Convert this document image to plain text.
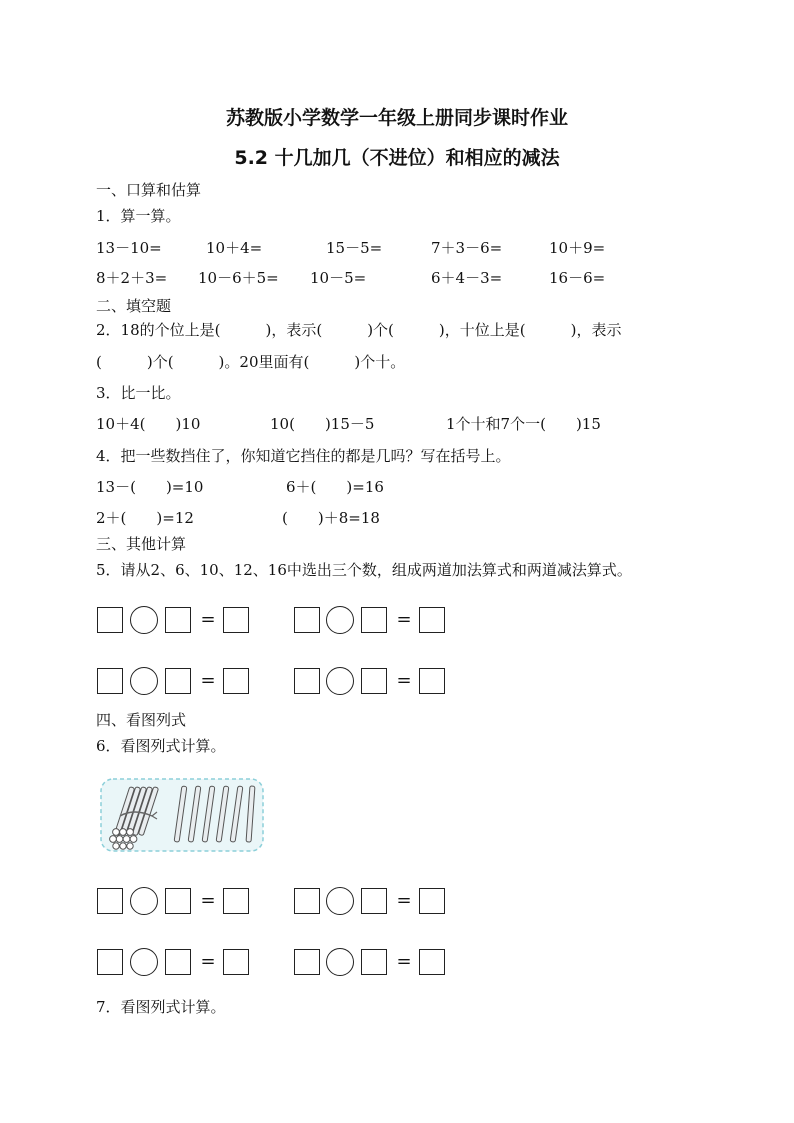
苏教版小学数学一年级上册同步课时作业
5.2 十几加几（不进位）和相应的减法
一、口算和估算
1．算一算。
13－10=	10＋4=	15－5=	7＋3－6=	10＋9=
8＋2＋3= 10－6＋5= 10－5=	6＋4－3=	16－6=
二、填空题
2．18的个位上是(　　　)，表示(　　　)个(　　　)，十位上是(　　　)，表示
(　　　)个(　　　)。20里面有(　　　)个十。
3．比一比。
10＋4(　　)10	10(　　)15－5	1个十和7个一(　　)15
4．把一些数挡住了，你知道它挡住的都是几吗？写在括号上。
13－(　　)=10	6＋(　　)=16
2＋(　　)=12	(　　)＋8=18
三、其他计算
5．请从2、6、10、12、16中选出三个数，组成两道加法算式和两道减法算式。
=	=
=	=
四、看图列式
6．看图列式计算。
=	=
=	=
7．看图列式计算。
